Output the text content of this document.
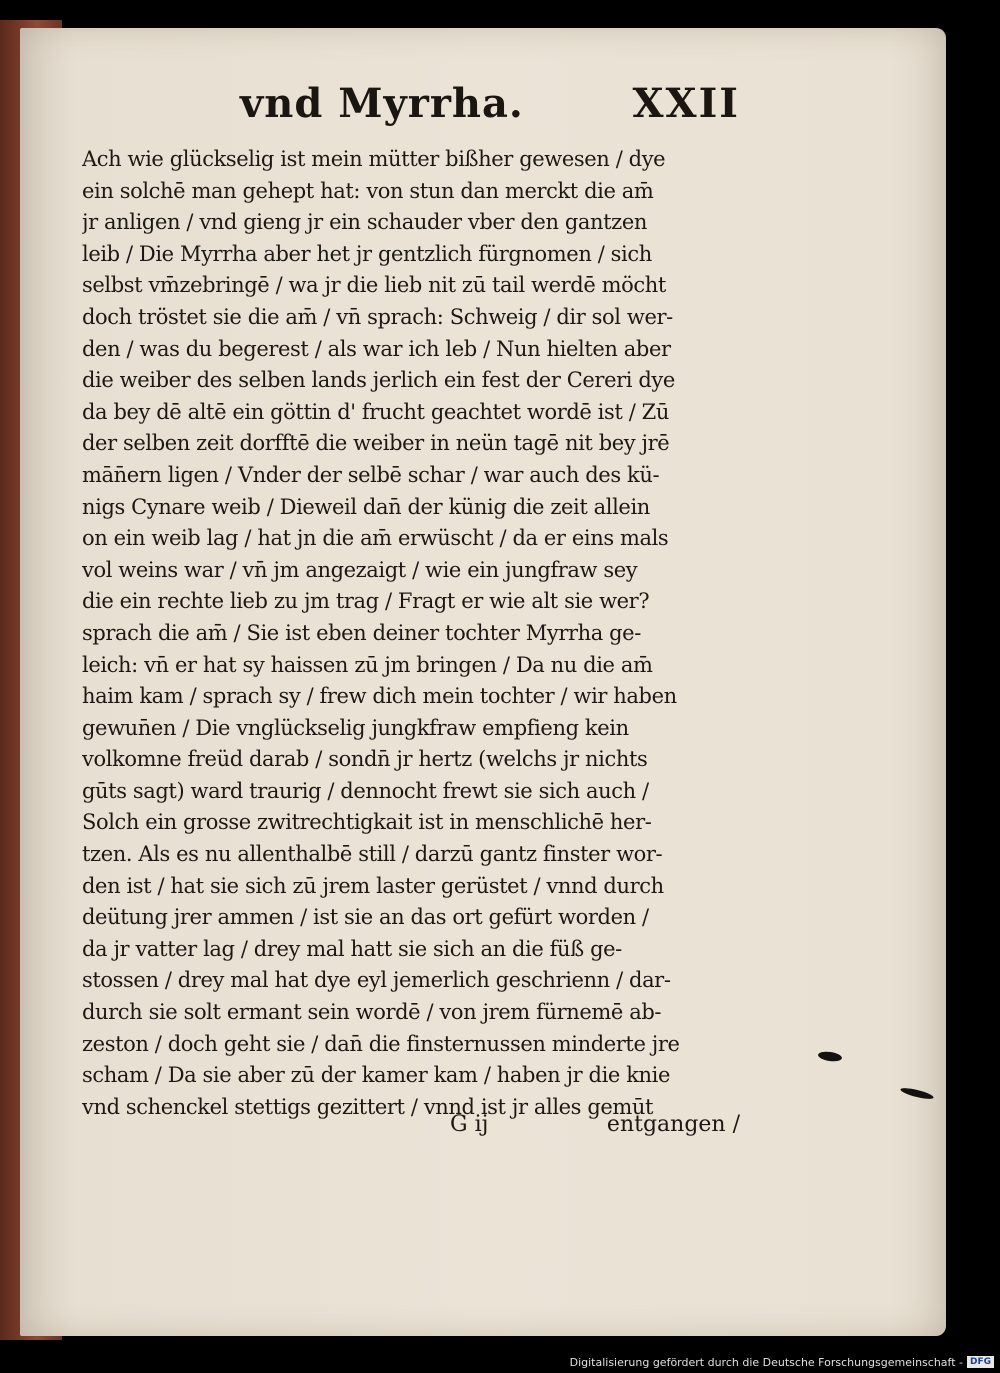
vnd Myrrha.	XXII
Ach wie glückselig ist mein mütter bißher gewesen / dye
ein solchē man gehept hat: von stun dan merckt die am̄
jr anligen / vnd gieng jr ein schauder vber den gantzen
leib / Die Myrrha aber het jr gentzlich fürgnomen / sich
selbst vm̄zebringē / wa jr die lieb nit zū tail werdē möcht
doch tröstet sie die am̄ / vn̄ sprach: Schweig / dir sol wer-
den / was du begerest / als war ich leb / Nun hielten aber
die weiber des selben lands jerlich ein fest der Cereri dye
da bey dē altē ein göttin d' frucht geachtet wordē ist / Zū
der selben zeit dorfftē die weiber in neün tagē nit bey jrē
mān̄ern ligen / Vnder der selbē schar / war auch des kü-
nigs Cynare weib / Dieweil dan̄ der künig die zeit allein
on ein weib lag / hat jn die am̄ erwüscht / da er eins mals
vol weins war / vn̄ jm angezaigt / wie ein jungfraw sey
die ein rechte lieb zu jm trag / Fragt er wie alt sie wer?
sprach die am̄ / Sie ist eben deiner tochter Myrrha ge-
leich: vn̄ er hat sy haissen zū jm bringen / Da nu die am̄
haim kam / sprach sy / frew dich mein tochter / wir haben
gewun̄en / Die vnglückselig jungkfraw empfieng kein
volkomne freüd darab / sondn̄ jr hertz (welchs jr nichts
gūts sagt) ward traurig / dennocht frewt sie sich auch /
Solch ein grosse zwitrechtigkait ist in menschlichē her-
tzen. Als es nu allenthalbē still / darzū gantz finster wor-
den ist / hat sie sich zū jrem laster gerüstet / vnnd durch
deütung jrer ammen / ist sie an das ort gefürt worden /
da jr vatter lag / drey mal hatt sie sich an die füß ge-
stossen / drey mal hat dye eyl jemerlich geschrienn / dar-
durch sie solt ermant sein wordē / von jrem fürnemē ab-
zeston / doch geht sie / dan̄ die finsternussen minderte jre
scham / Da sie aber zū der kamer kam / haben jr die knie
vnd schenckel stettigs gezittert / vnnd ist jr alles gemūt
G ij	entgangen /
Digitalisierung gefördert durch die Deutsche Forschungsgemeinschaft - DFG
